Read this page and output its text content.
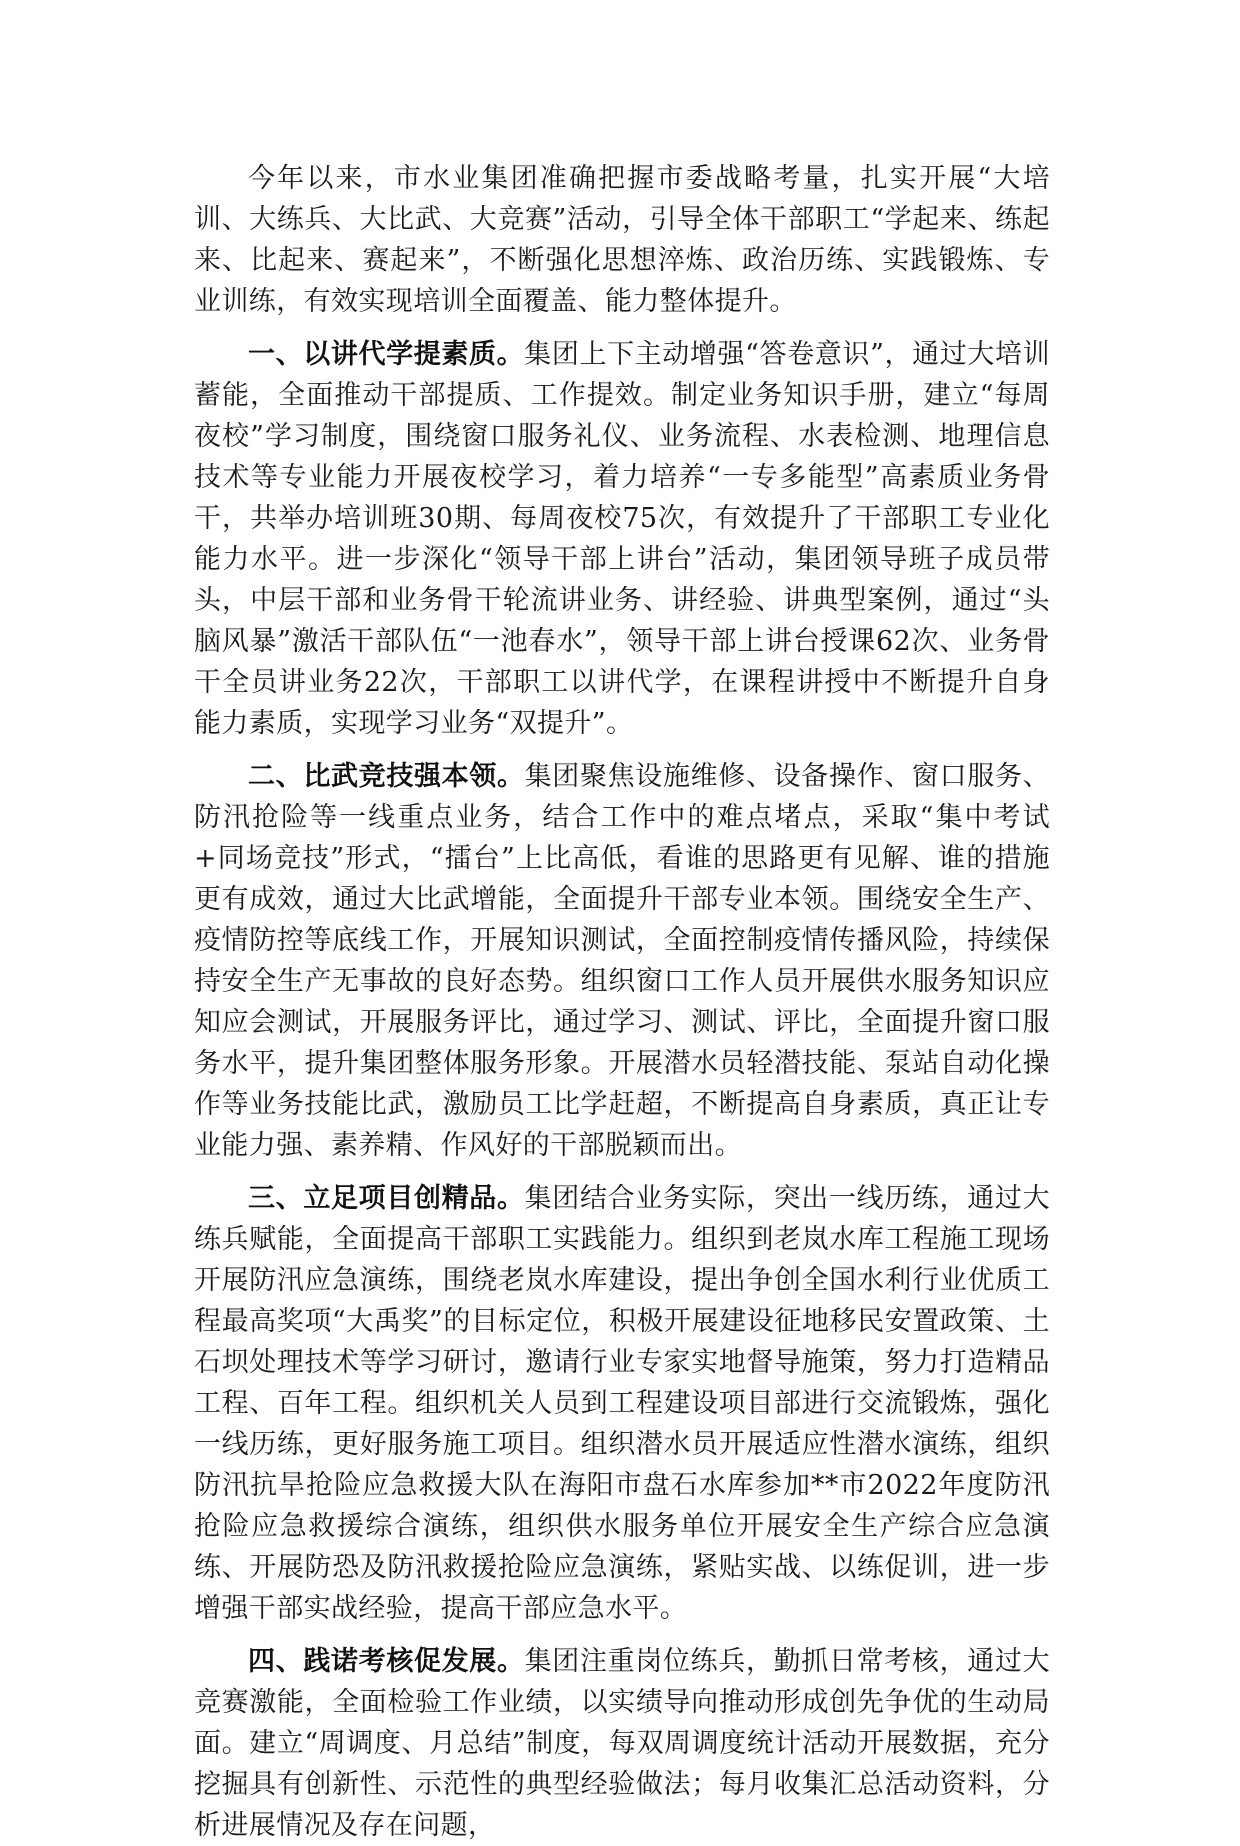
今年以来，市水业集团准确把握市委战略考量，扎实开展“大培训、大练兵、大比武、大竞赛”活动，引导全体干部职工“学起来、练起来、比起来、赛起来”，不断强化思想淬炼、政治历练、实践锻炼、专业训练，有效实现培训全面覆盖、能力整体提升。

一、以讲代学提素质。集团上下主动增强“答卷意识”，通过大培训蓄能，全面推动干部提质、工作提效。制定业务知识手册，建立“每周夜校”学习制度，围绕窗口服务礼仪、业务流程、水表检测、地理信息技术等专业能力开展夜校学习，着力培养“一专多能型”高素质业务骨干，共举办培训班30期、每周夜校75次，有效提升了干部职工专业化能力水平。进一步深化“领导干部上讲台”活动，集团领导班子成员带头，中层干部和业务骨干轮流讲业务、讲经验、讲典型案例，通过“头脑风暴”激活干部队伍“一池春水”，领导干部上讲台授课62次、业务骨干全员讲业务22次，干部职工以讲代学，在课程讲授中不断提升自身能力素质，实现学习业务“双提升”。

二、比武竞技强本领。集团聚焦设施维修、设备操作、窗口服务、防汛抢险等一线重点业务，结合工作中的难点堵点，采取“集中考试+同场竞技”形式，“擂台”上比高低，看谁的思路更有见解、谁的措施更有成效，通过大比武增能，全面提升干部专业本领。围绕安全生产、疫情防控等底线工作，开展知识测试，全面控制疫情传播风险，持续保持安全生产无事故的良好态势。组织窗口工作人员开展供水服务知识应知应会测试，开展服务评比，通过学习、测试、评比，全面提升窗口服务水平，提升集团整体服务形象。开展潜水员轻潜技能、泵站自动化操作等业务技能比武，激励员工比学赶超，不断提高自身素质，真正让专业能力强、素养精、作风好的干部脱颖而出。

三、立足项目创精品。集团结合业务实际，突出一线历练，通过大练兵赋能，全面提高干部职工实践能力。组织到老岚水库工程施工现场开展防汛应急演练，围绕老岚水库建设，提出争创全国水利行业优质工程最高奖项“大禹奖”的目标定位，积极开展建设征地移民安置政策、土石坝处理技术等学习研讨，邀请行业专家实地督导施策，努力打造精品工程、百年工程。组织机关人员到工程建设项目部进行交流锻炼，强化一线历练，更好服务施工项目。组织潜水员开展适应性潜水演练，组织防汛抗旱抢险应急救援大队在海阳市盘石水库参加**市2022年度防汛抢险应急救援综合演练，组织供水服务单位开展安全生产综合应急演练、开展防恐及防汛救援抢险应急演练，紧贴实战、以练促训，进一步增强干部实战经验，提高干部应急水平。

四、践诺考核促发展。集团注重岗位练兵，勤抓日常考核，通过大竞赛激能，全面检验工作业绩，以实绩导向推动形成创先争优的生动局面。建立“周调度、月总结”制度，每双周调度统计活动开展数据，充分挖掘具有创新性、示范性的典型经验做法；每月收集汇总活动资料，分析进展情况及存在问题，
